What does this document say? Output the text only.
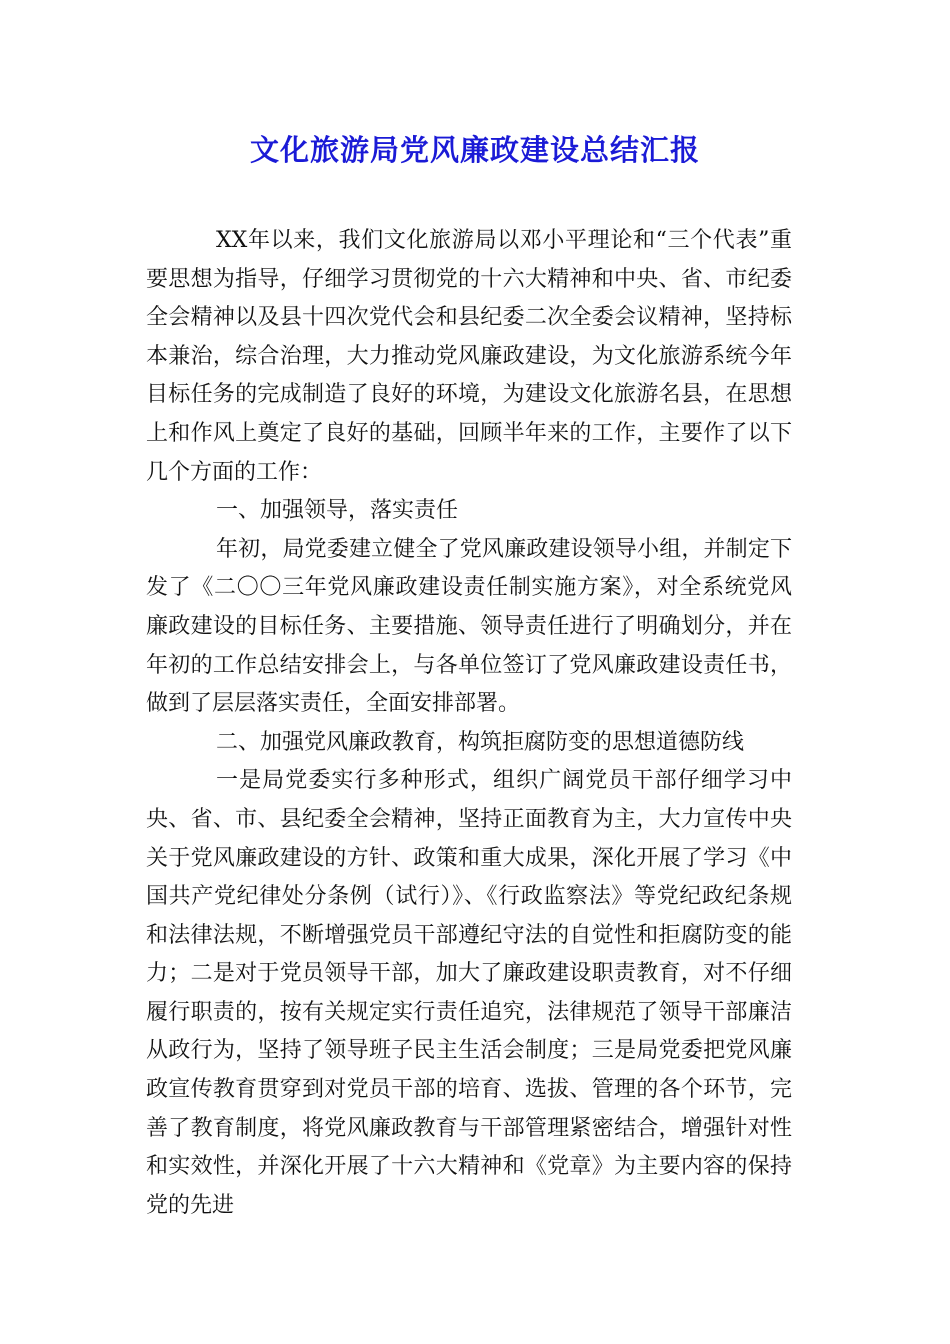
文化旅游局党风廉政建设总结汇报

XX年以来，我们文化旅游局以邓小平理论和“三个代表”重要思想为指导，仔细学习贯彻党的十六大精神和中央、省、市纪委全会精神以及县十四次党代会和县纪委二次全委会议精神，坚持标本兼治，综合治理，大力推动党风廉政建设，为文化旅游系统今年目标任务的完成制造了良好的环境，为建设文化旅游名县，在思想上和作风上奠定了良好的基础，回顾半年来的工作，主要作了以下几个方面的工作：

一、加强领导，落实责任

年初，局党委建立健全了党风廉政建设领导小组，并制定下发了《二〇〇三年党风廉政建设责任制实施方案》，对全系统党风廉政建设的目标任务、主要措施、领导责任进行了明确划分，并在年初的工作总结安排会上，与各单位签订了党风廉政建设责任书，做到了层层落实责任，全面安排部署。

二、加强党风廉政教育，构筑拒腐防变的思想道德防线

一是局党委实行多种形式，组织广阔党员干部仔细学习中央、省、市、县纪委全会精神，坚持正面教育为主，大力宣传中央关于党风廉政建设的方针、政策和重大成果，深化开展了学习《中国共产党纪律处分条例（试行）》、《行政监察法》等党纪政纪条规和法律法规，不断增强党员干部遵纪守法的自觉性和拒腐防变的能力；二是对于党员领导干部，加大了廉政建设职责教育，对不仔细履行职责的，按有关规定实行责任追究，法律规范了领导干部廉洁从政行为，坚持了领导班子民主生活会制度；三是局党委把党风廉政宣传教育贯穿到对党员干部的培育、选拔、管理的各个环节，完善了教育制度，将党风廉政教育与干部管理紧密结合，增强针对性和实效性，并深化开展了十六大精神和《党章》为主要内容的保持党的先进
